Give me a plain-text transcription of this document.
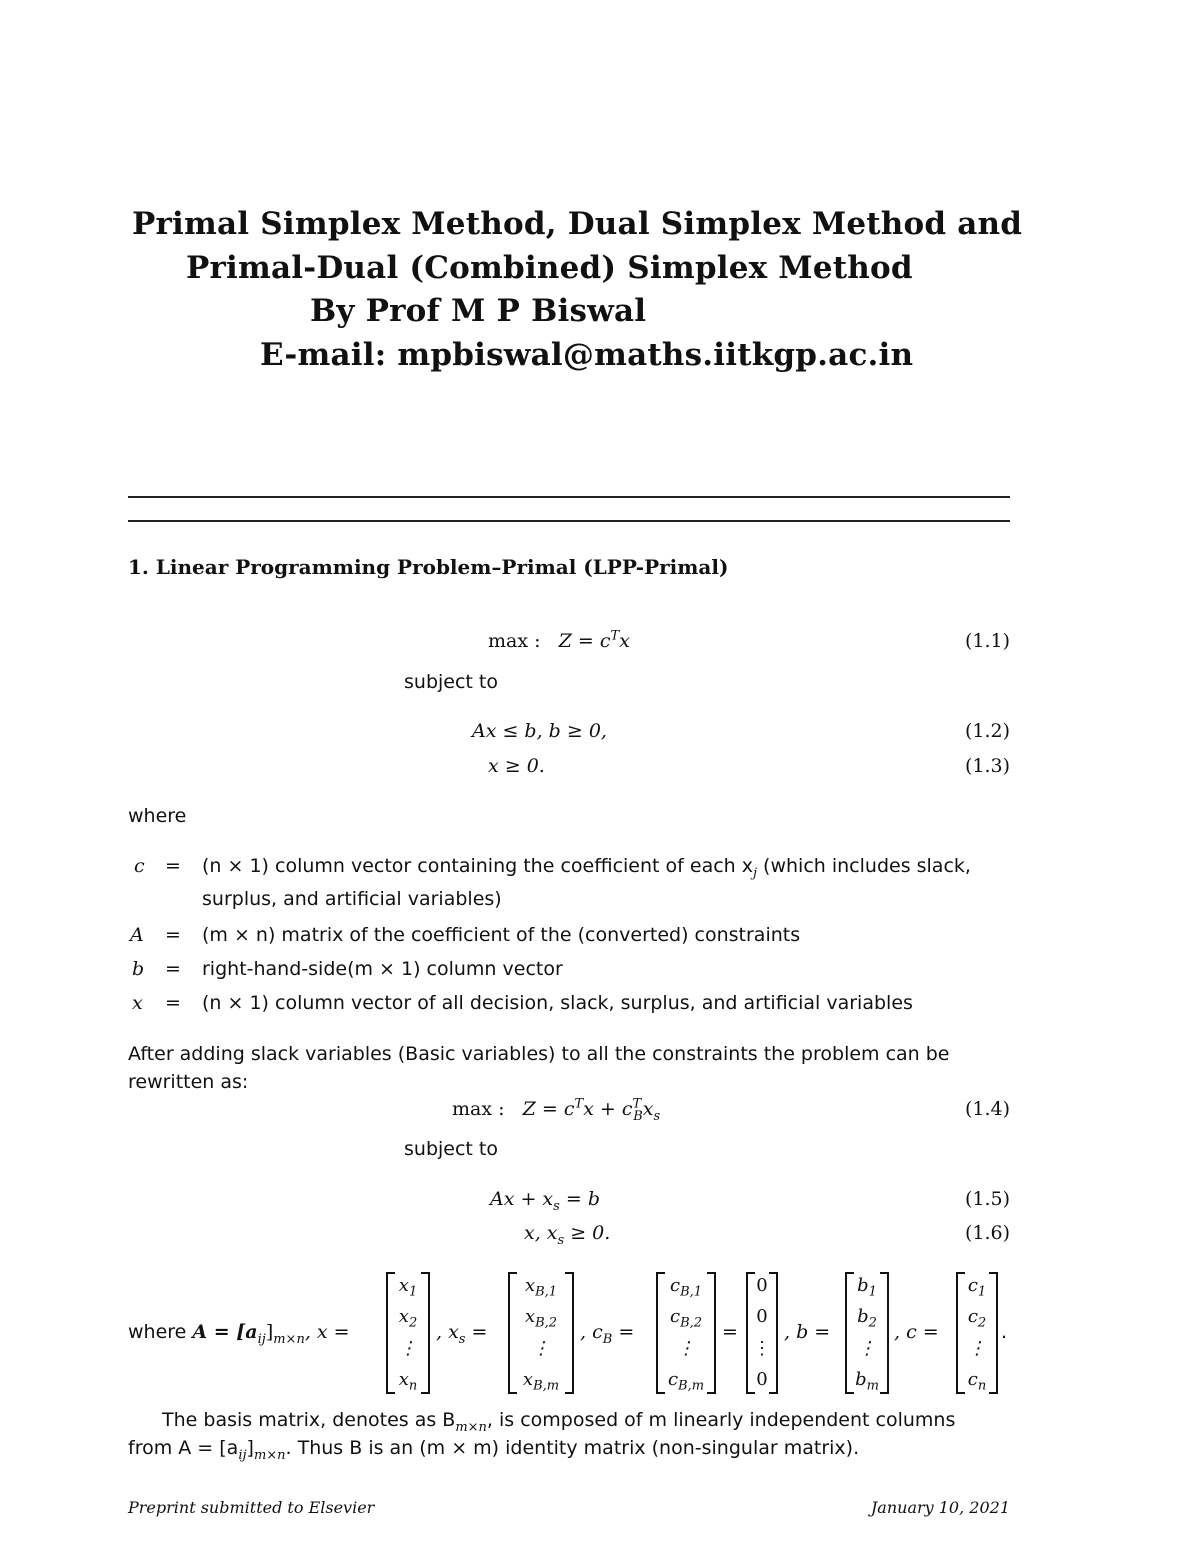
Primal Simplex Method, Dual Simplex Method and
Primal-Dual (Combined) Simplex Method
By Prof M P Biswal
E-mail: mpbiswal@maths.iitkgp.ac.in
1. Linear Programming Problem–Primal (LPP-Primal)
max : $Z = c^Tx$	(1.1)
subject to
Ax ≤ b, b ≥ 0,	(1.2)
x ≥ 0.	(1.3)
where
c = (n × 1) column vector containing the coefficient of each $x_j$ (which includes slack,
surplus, and artificial variables)
A = (m × n) matrix of the coefficient of the (converted) constraints
b = right-hand-side(m × 1) column vector
x = (n × 1) column vector of all decision, slack, surplus, and artificial variables
After adding slack variables (Basic variables) to all the constraints the problem can be
rewritten as:
max : $Z = c^Tx + c^T_Bx_s$	(1.4)
subject to
$Ax + x_s = b$	(1.5)
x, $x_s \ge 0$.	(1.6)
where $A = [a_{ij}]_{m\times n}$, x =
$x_1$
$x_2$
⋮
$x_n$
, $x_s$ =
$x_{B,1}$
$x_{B,2}$
⋮
$x_{B,m}$
, $c_B$ =
$c_{B,1}$
$c_{B,2}$
⋮
$c_{B,m}$
=
0
0
⋮
0
, b =
$b_1$
$b_2$
⋮
$b_m$
, c =
$c_1$
$c_2$
⋮
$c_n$
.
The basis matrix, denotes as $B_{m\times n}$, is composed of m linearly independent columns
from $A = [a_{ij}]_{m\times n}$. Thus B is an (m × m) identity matrix (non-singular matrix).
Preprint submitted to Elsevier	January 10, 2021
